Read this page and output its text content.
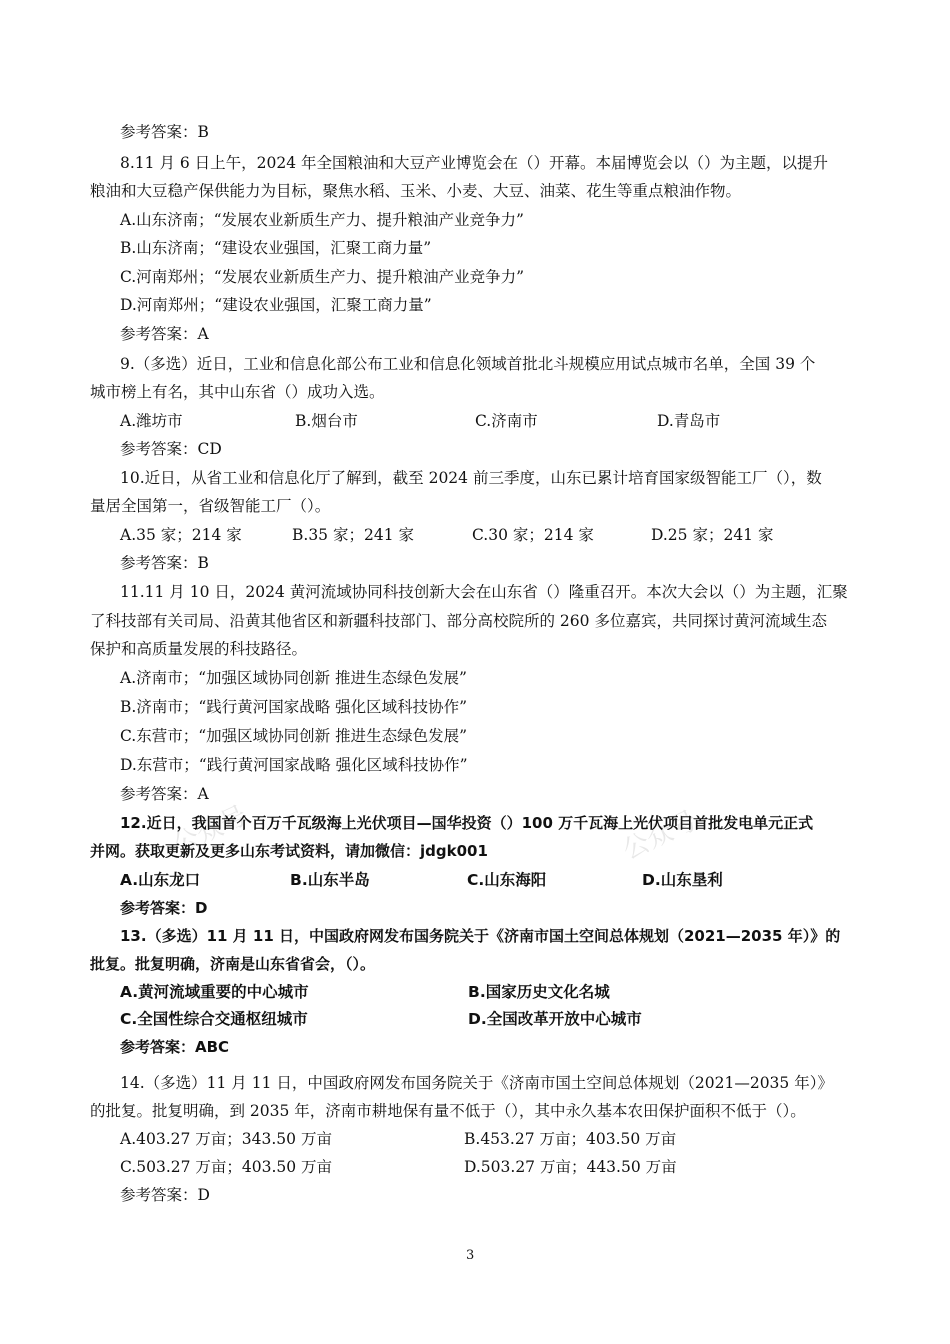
公众号	公众号
参考答案：B
8.11 月 6 日上午，2024 年全国粮油和大豆产业博览会在（）开幕。本届博览会以（）为主题，以提升
粮油和大豆稳产保供能力为目标，聚焦水稻、玉米、小麦、大豆、油菜、花生等重点粮油作物。
A.山东济南；“发展农业新质生产力、提升粮油产业竞争力”
B.山东济南；“建设农业强国，汇聚工商力量”
C.河南郑州；“发展农业新质生产力、提升粮油产业竞争力”
D.河南郑州；“建设农业强国，汇聚工商力量”
参考答案：A
9.（多选）近日，工业和信息化部公布工业和信息化领域首批北斗规模应用试点城市名单，全国 39 个
城市榜上有名，其中山东省（）成功入选。
A.潍坊市	B.烟台市	C.济南市	D.青岛市
参考答案：CD
10.近日，从省工业和信息化厅了解到，截至 2024 前三季度，山东已累计培育国家级智能工厂（），数
量居全国第一，省级智能工厂（）。
A.35 家；214 家	B.35 家；241 家	C.30 家；214 家	D.25 家；241 家
参考答案：B
11.11 月 10 日，2024 黄河流域协同科技创新大会在山东省（）隆重召开。本次大会以（）为主题，汇聚
了科技部有关司局、沿黄其他省区和新疆科技部门、部分高校院所的 260 多位嘉宾，共同探讨黄河流域生态
保护和高质量发展的科技路径。
A.济南市；“加强区域协同创新 推进生态绿色发展”
B.济南市；“践行黄河国家战略 强化区域科技协作”
C.东营市；“加强区域协同创新 推进生态绿色发展”
D.东营市；“践行黄河国家战略 强化区域科技协作”
参考答案：A
12.近日，我国首个百万千瓦级海上光伏项目—国华投资（）100 万千瓦海上光伏项目首批发电单元正式
并网。获取更新及更多山东考试资料，请加微信：jdgk001
A.山东龙口	B.山东半岛	C.山东海阳	D.山东垦利
参考答案：D
13.（多选）11 月 11 日，中国政府网发布国务院关于《济南市国土空间总体规划（2021—2035 年）》的
批复。批复明确，济南是山东省省会，（）。
A.黄河流域重要的中心城市	B.国家历史文化名城
C.全国性综合交通枢纽城市	D.全国改革开放中心城市
参考答案：ABC
14.（多选）11 月 11 日，中国政府网发布国务院关于《济南市国土空间总体规划（2021—2035 年）》
的批复。批复明确，到 2035 年，济南市耕地保有量不低于（），其中永久基本农田保护面积不低于（）。
A.403.27 万亩；343.50 万亩	B.453.27 万亩；403.50 万亩
C.503.27 万亩；403.50 万亩	D.503.27 万亩；443.50 万亩
参考答案：D
3
